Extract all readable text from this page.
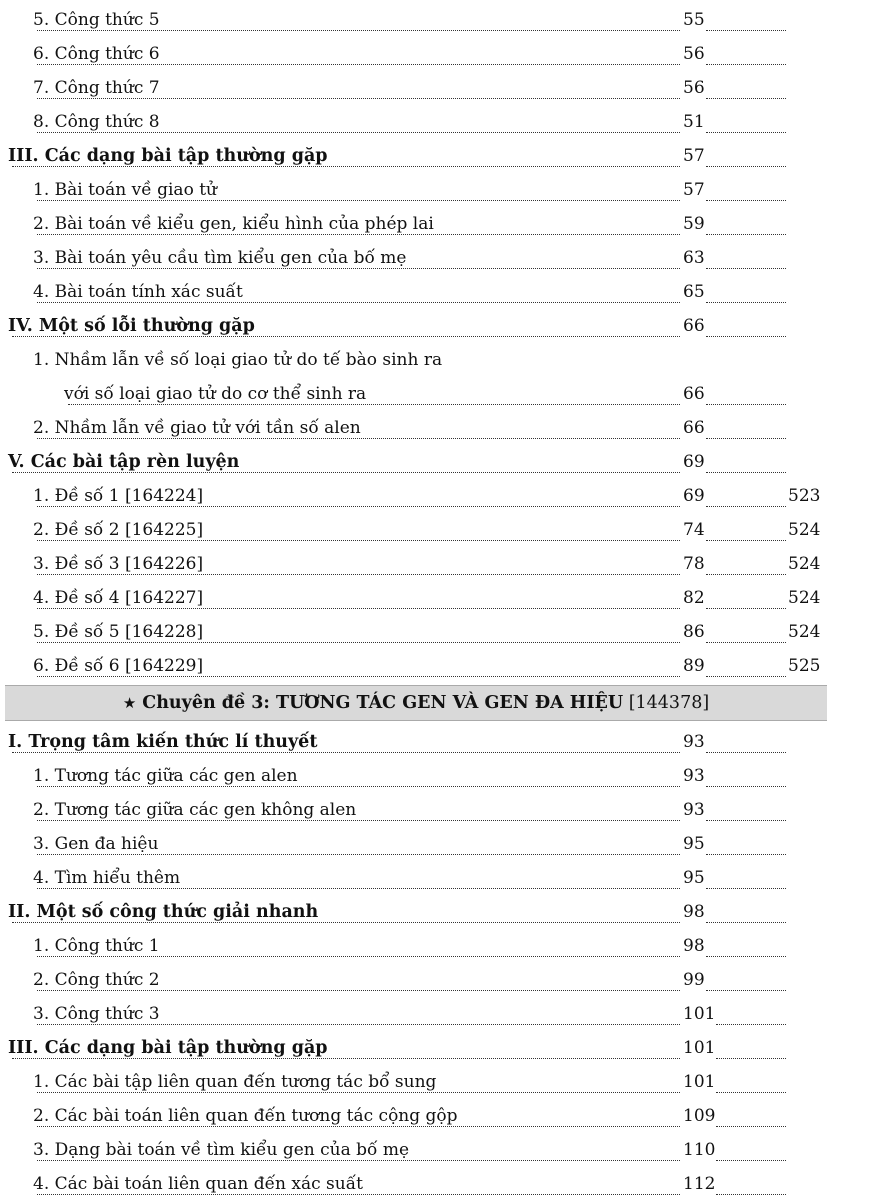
5. Công thức 5	55
6. Công thức 6	56
7. Công thức 7	56
8. Công thức 8	51
III. Các dạng bài tập thường gặp	57
1. Bài toán về giao tử	57
2. Bài toán về kiểu gen, kiểu hình của phép lai	59
3. Bài toán yêu cầu tìm kiểu gen của bố mẹ	63
4. Bài toán tính xác suất	65
IV. Một số lỗi thường gặp	66
1. Nhầm lẫn về số loại giao tử do tế bào sinh ra
với số loại giao tử do cơ thể sinh ra	66
2. Nhầm lẫn về giao tử với tần số alen	66
V. Các bài tập rèn luyện	69
1. Đề số 1 [164224]	69	523
2. Đề số 2 [164225]	74	524
3. Đề số 3 [164226]	78	524
4. Đề số 4 [164227]	82	524
5. Đề số 5 [164228]	86	524
6. Đề số 6 [164229]	89	525
I. Trọng tâm kiến thức lí thuyết	93
1. Tương tác giữa các gen alen	93
2. Tương tác giữa các gen không alen	93
3. Gen đa hiệu	95
4. Tìm hiểu thêm	95
II. Một số công thức giải nhanh	98
1. Công thức 1	98
2. Công thức 2	99
3. Công thức 3	101
III. Các dạng bài tập thường gặp	101
1. Các bài tập liên quan đến tương tác bổ sung	101
2. Các bài toán liên quan đến tương tác cộng gộp	109
3. Dạng bài toán về tìm kiểu gen của bố mẹ	110
4. Các bài toán liên quan đến xác suất	112
★ Chuyên đề 3: TƯƠNG TÁC GEN VÀ GEN ĐA HIỆU [144378]
